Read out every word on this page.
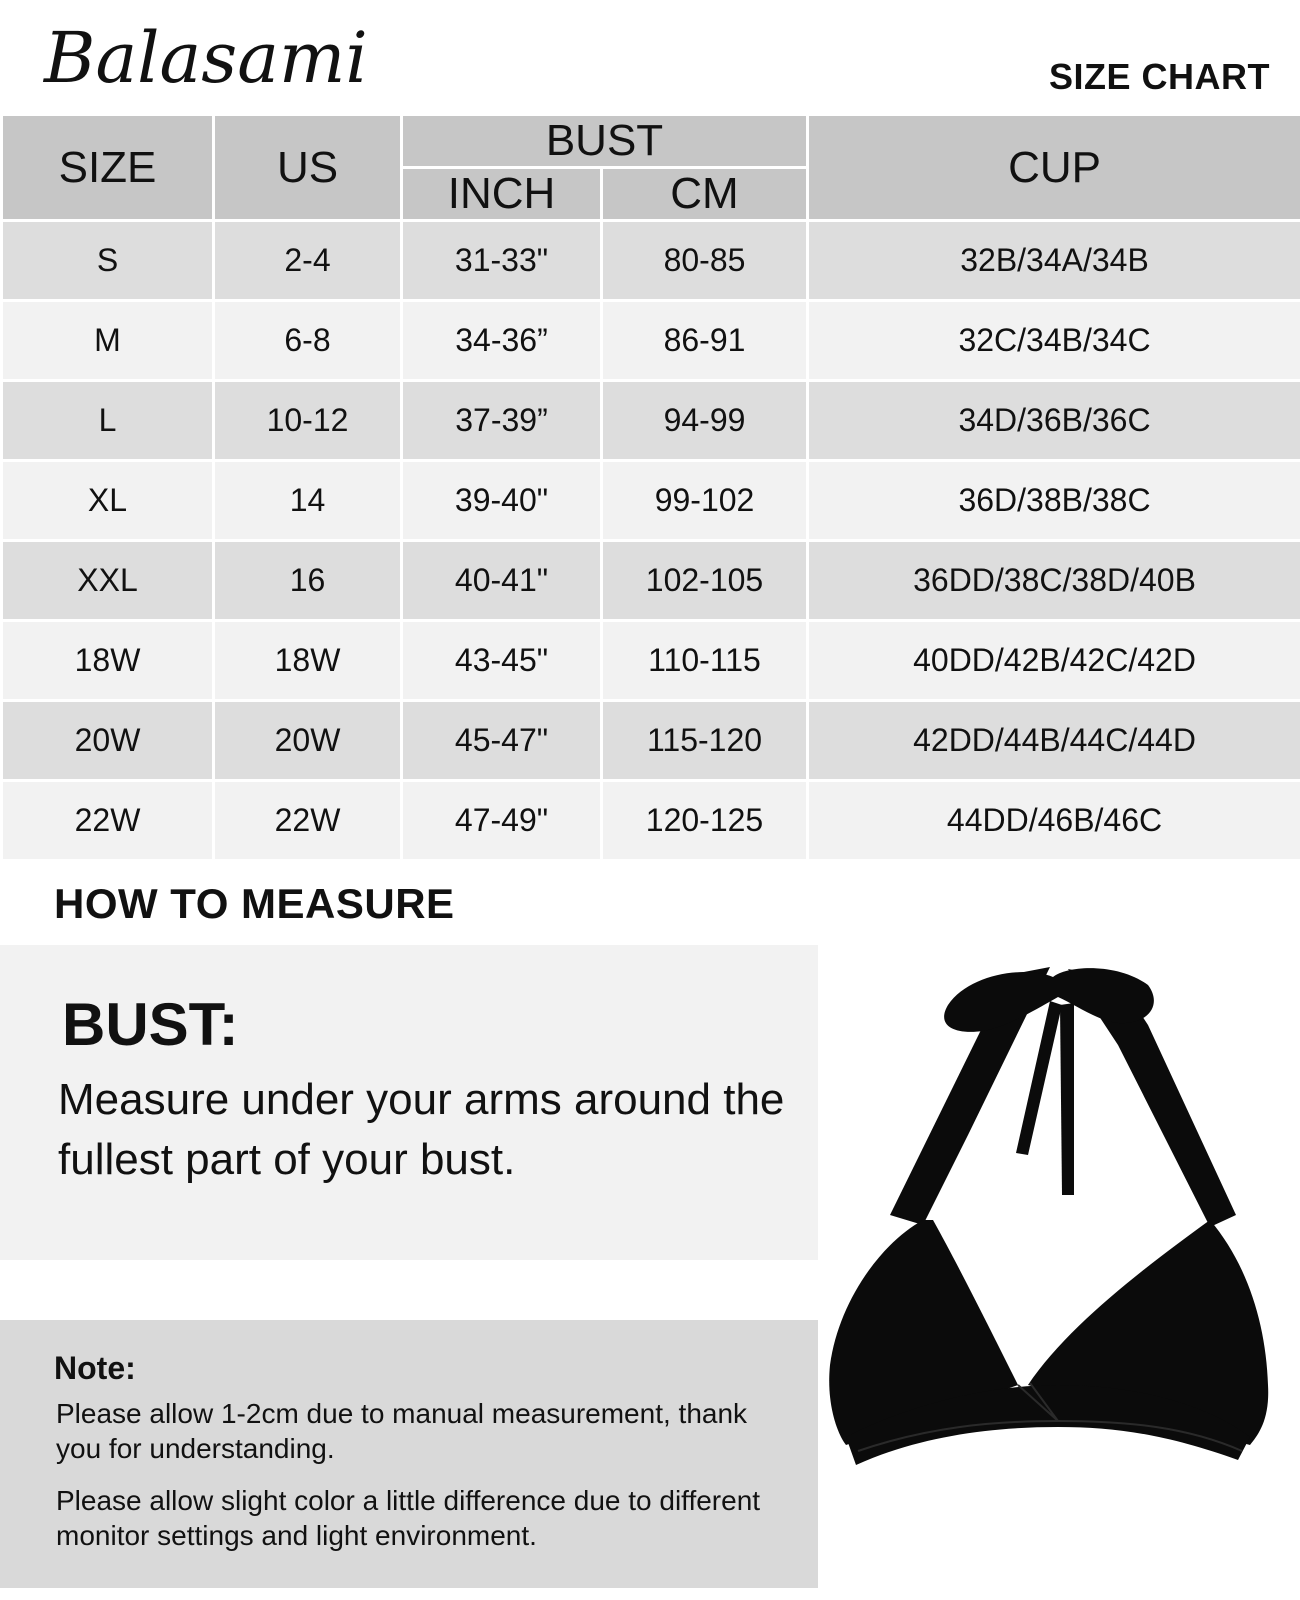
Balasami	SIZE CHART
SIZE	US	BUST		CUP
		INCH	CM	
S	2-4	31-33"	80-85	32B/34A/34B
M	6-8	34-36”	86-91	32C/34B/34C
L	10-12	37-39”	94-99	34D/36B/36C
XL	14	39-40"	99-102	36D/38B/38C
XXL	16	40-41"	102-105	36DD/38C/38D/40B
18W	18W	43-45"	110-115	40DD/42B/42C/42D
20W	20W	45-47"	115-120	42DD/44B/44C/44D
22W	22W	47-49"	120-125	44DD/46B/46C
HOW TO MEASURE
BUST:
Measure under your arms around the fullest part of your bust.
Note:
Please allow 1-2cm due to manual measurement, thank you for understanding.
Please allow slight color a little difference due to different monitor settings and light environment.
